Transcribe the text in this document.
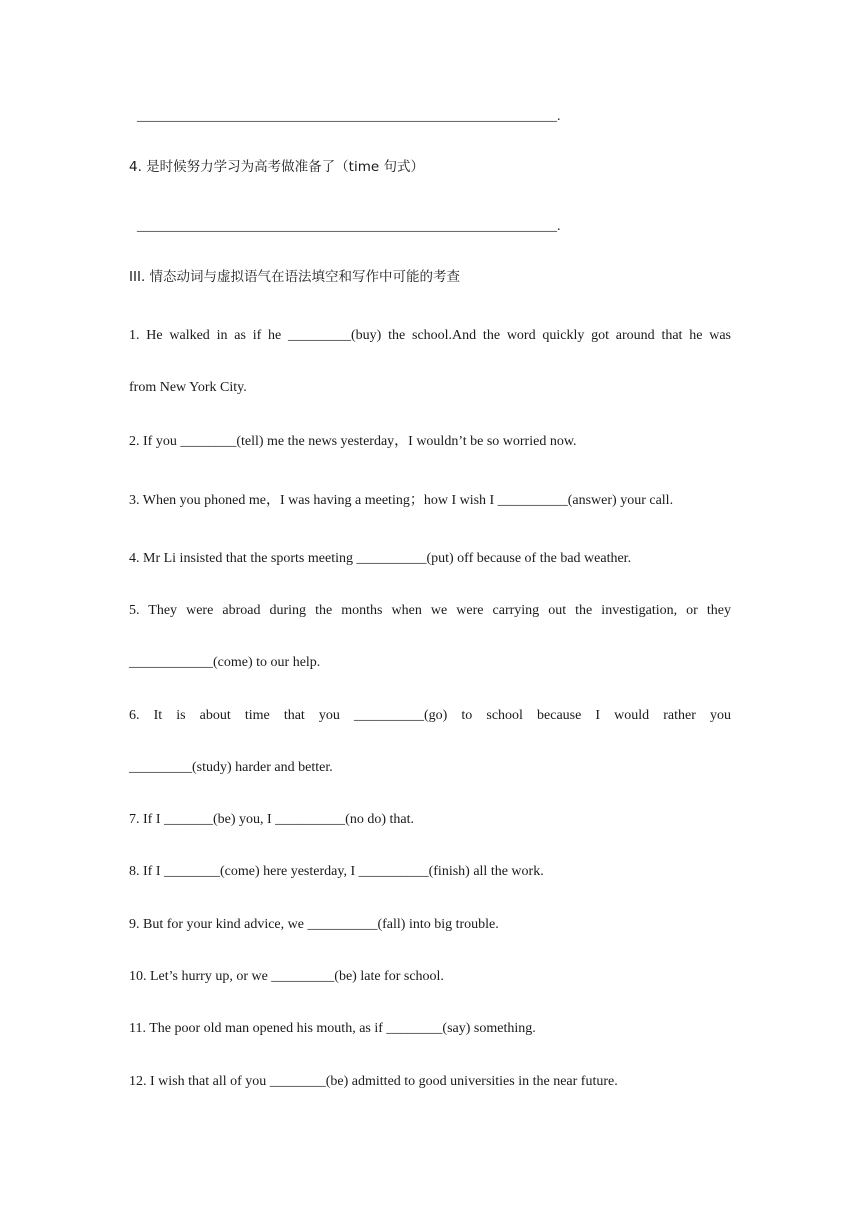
____________________________________________________________.
4. 是时候努力学习为高考做准备了（time 句式）
____________________________________________________________.
III. 情态动词与虚拟语气在语法填空和写作中可能的考查
1. He walked in as if he _________(buy) the school.And the word quickly got around that he was
from New York City.
2. If you ________(tell) me the news yesterday，I wouldn’t be so worried now.
3. When you phoned me，I was having a meeting；how I wish I __________(answer) your call.
4. Mr Li insisted that the sports meeting __________(put) off because of the bad weather.
5. They were abroad during the months when we were carrying out the investigation, or they
____________(come) to our help.
6. It is about time that you __________(go) to school because I would rather you
_________(study) harder and better.
7. If I _______(be) you, I __________(no do) that.
8. If I ________(come) here yesterday, I __________(finish) all the work.
9. But for your kind advice, we __________(fall) into big trouble.
10. Let’s hurry up, or we _________(be) late for school.
11. The poor old man opened his mouth, as if ________(say) something.
12. I wish that all of you ________(be) admitted to good universities in the near future.
